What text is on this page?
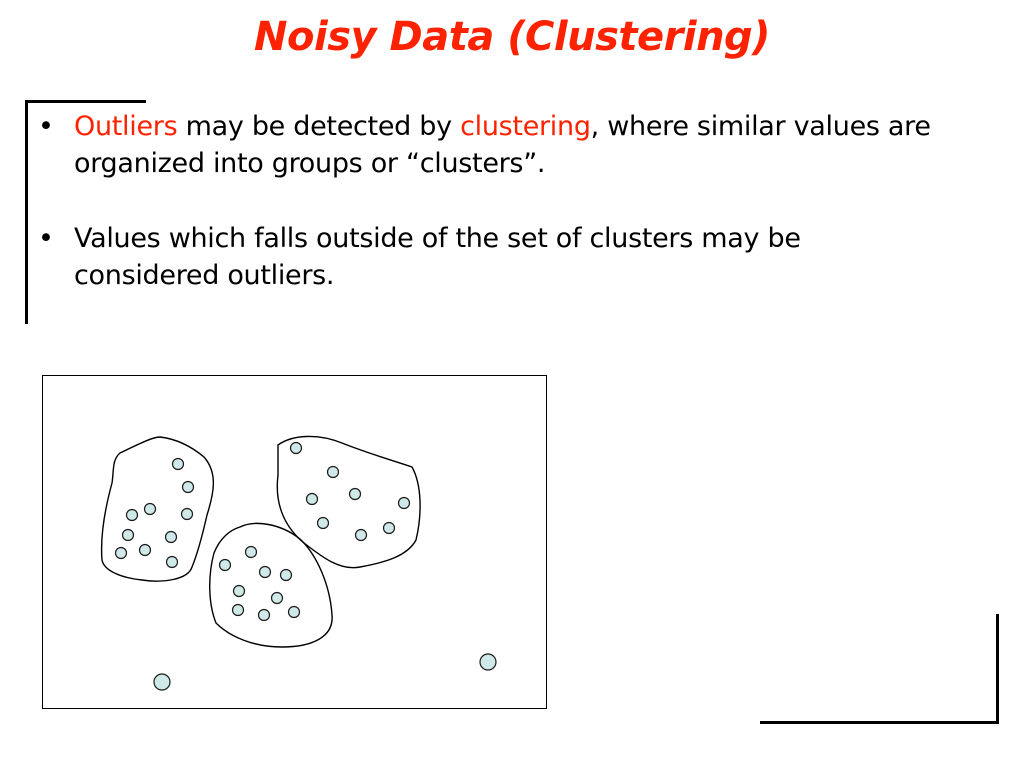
Noisy Data (Clustering)
• Outliers may be detected by clustering, where similar values are organized into groups or “clusters”.
• Values which falls outside of the set of clusters may be considered outliers.
